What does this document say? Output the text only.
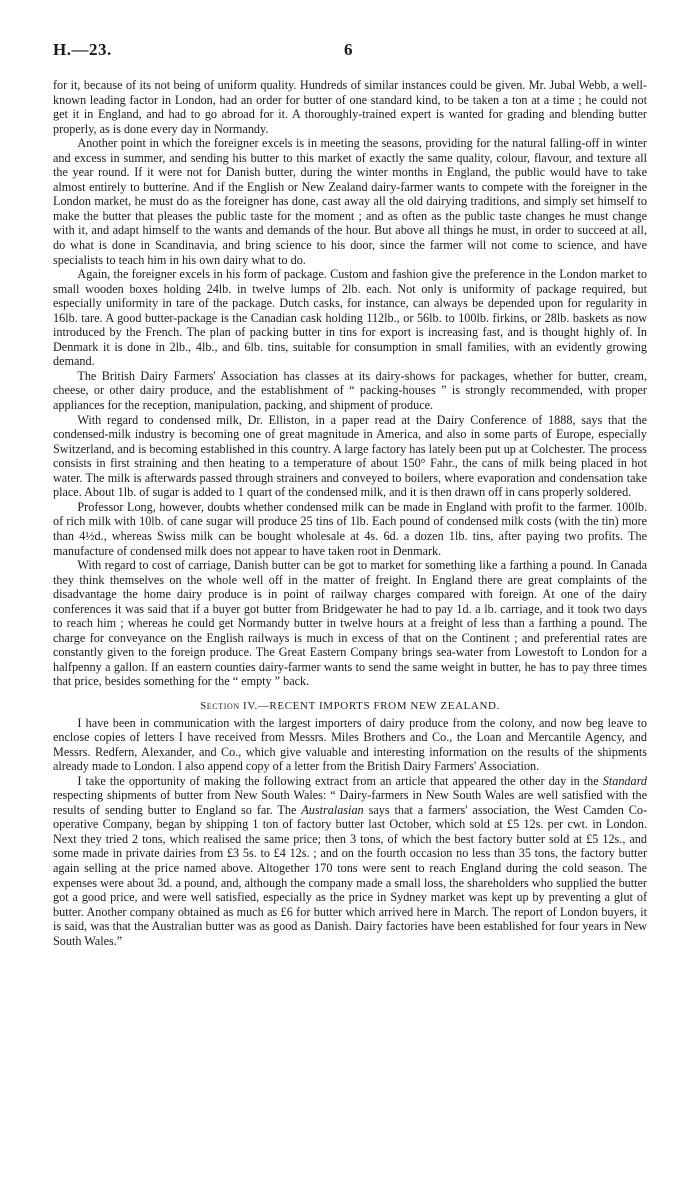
H.—23.	6

for it, because of its not being of uniform quality. Hundreds of similar instances could be given. Mr. Jubal Webb, a well-known leading factor in London, had an order for butter of one standard kind, to be taken a ton at a time ; he could not get it in England, and had to go abroad for it. A thoroughly-trained expert is wanted for grading and blending butter properly, as is done every day in Normandy.

Another point in which the foreigner excels is in meeting the seasons, providing for the natural falling-off in winter and excess in summer, and sending his butter to this market of exactly the same quality, colour, flavour, and texture all the year round. If it were not for Danish butter, during the winter months in England, the public would have to take almost entirely to butterine. And if the English or New Zealand dairy-farmer wants to compete with the foreigner in the London market, he must do as the foreigner has done, cast away all the old dairying traditions, and simply set himself to make the butter that pleases the public taste for the moment ; and as often as the public taste changes he must change with it, and adapt himself to the wants and demands of the hour. But above all things he must, in order to succeed at all, do what is done in Scandinavia, and bring science to his door, since the farmer will not come to science, and have specialists to teach him in his own dairy what to do.

Again, the foreigner excels in his form of package. Custom and fashion give the preference in the London market to small wooden boxes holding 24lb. in twelve lumps of 2lb. each. Not only is uniformity of package required, but especially uniformity in tare of the package. Dutch casks, for instance, can always be depended upon for regularity in 16lb. tare. A good butter-package is the Canadian cask holding 112lb., or 56lb. to 100lb. firkins, or 28lb. baskets as now introduced by the French. The plan of packing butter in tins for export is increasing fast, and is thought highly of. In Denmark it is done in 2lb., 4lb., and 6lb. tins, suitable for consumption in small families, with an evidently growing demand.

The British Dairy Farmers' Association has classes at its dairy-shows for packages, whether for butter, cream, cheese, or other dairy produce, and the establishment of “ packing-houses ” is strongly recommended, with proper appliances for the reception, manipulation, packing, and shipment of produce.

With regard to condensed milk, Dr. Elliston, in a paper read at the Dairy Conference of 1888, says that the condensed-milk industry is becoming one of great magnitude in America, and also in some parts of Europe, especially Switzerland, and is becoming established in this country. A large factory has lately been put up at Colchester. The process consists in first straining and then heating to a temperature of about 150° Fahr., the cans of milk being placed in hot water. The milk is afterwards passed through strainers and conveyed to boilers, where evaporation and condensation take place. About 1lb. of sugar is added to 1 quart of the condensed milk, and it is then drawn off in cans properly soldered.

Professor Long, however, doubts whether condensed milk can be made in England with profit to the farmer. 100lb. of rich milk with 10lb. of cane sugar will produce 25 tins of 1lb. Each pound of condensed milk costs (with the tin) more than 4½d., whereas Swiss milk can be bought wholesale at 4s. 6d. a dozen 1lb. tins, after paying two profits. The manufacture of condensed milk does not appear to have taken root in Denmark.

With regard to cost of carriage, Danish butter can be got to market for something like a farthing a pound. In Canada they think themselves on the whole well off in the matter of freight. In England there are great complaints of the disadvantage the home dairy produce is in point of railway charges compared with foreign. At one of the dairy conferences it was said that if a buyer got butter from Bridgewater he had to pay 1d. a lb. carriage, and it took two days to reach him ; whereas he could get Normandy butter in twelve hours at a freight of less than a farthing a pound. The charge for conveyance on the English railways is much in excess of that on the Continent ; and preferential rates are constantly given to the foreign produce. The Great Eastern Company brings sea-water from Lowestoft to London for a halfpenny a gallon. If an eastern counties dairy-farmer wants to send the same weight in butter, he has to pay three times that price, besides something for the “ empty ” back.

Section IV.—RECENT IMPORTS FROM NEW ZEALAND.

I have been in communication with the largest importers of dairy produce from the colony, and now beg leave to enclose copies of letters I have received from Messrs. Miles Brothers and Co., the Loan and Mercantile Agency, and Messrs. Redfern, Alexander, and Co., which give valuable and interesting information on the results of the shipments already made to London. I also append copy of a letter from the British Dairy Farmers' Association.

I take the opportunity of making the following extract from an article that appeared the other day in the Standard respecting shipments of butter from New South Wales: “ Dairy-farmers in New South Wales are well satisfied with the results of sending butter to England so far. The Australasian says that a farmers' association, the West Camden Co-operative Company, began by shipping 1 ton of factory butter last October, which sold at £5 12s. per cwt. in London. Next they tried 2 tons, which realised the same price; then 3 tons, of which the best factory butter sold at £5 12s., and some made in private dairies from £3 5s. to £4 12s. ; and on the fourth occasion no less than 35 tons, the factory butter again selling at the price named above. Altogether 170 tons were sent to reach England during the cold season. The expenses were about 3d. a pound, and, although the company made a small loss, the shareholders who supplied the butter got a good price, and were well satisfied, especially as the price in Sydney market was kept up by preventing a glut of butter. Another company obtained as much as £6 for butter which arrived here in March. The report of London buyers, it is said, was that the Australian butter was as good as Danish. Dairy factories have been established for four years in New South Wales.”
